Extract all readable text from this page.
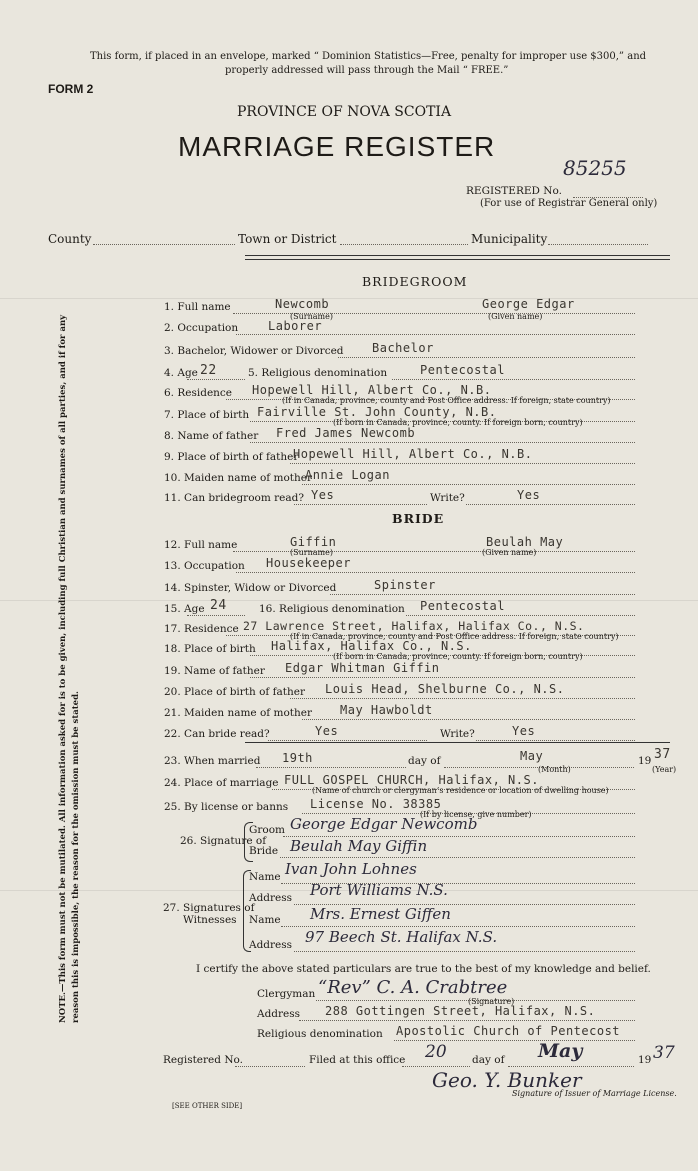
This form, if placed in an envelope, marked “ Dominion Statistics—Free, penalty for improper use $300,” and
properly addressed will pass through the Mail “ FREE.”
FORM 2
PROVINCE OF NOVA SCOTIA
MARRIAGE REGISTER
85255
REGISTERED No.
(For use of Registrar General only)
County	Town or District	Municipality
BRIDEGROOM
1. Full name	Newcomb	George Edgar
(Surname)	(Given name)
2. Occupation Laborer
3. Bachelor, Widower or Divorced Bachelor
4. Age 22	5. Religious denomination	Pentecostal
6. Residence Hopewell Hill, Albert Co., N.B.
(If in Canada, province, county and Post Office address. If foreign, state country)
7. Place of birth Fairville St. John County, N.B.
(If born in Canada, province, county. If foreign born, country)
8. Name of father Fred James Newcomb
9. Place of birth of father
Hopewell Hill, Albert Co., N.B.
10. Maiden name of mother
Annie Logan
11. Can bridegroom read? Yes	Write?	Yes
BRIDE
12. Full name	Giffin	Beulah May
(Surname)	(Given name)
13. Occupation Housekeeper
14. Spinster, Widow or Divorced	Spinster
15. Age 24	16. Religious denomination Pentecostal
17. Residence 27 Lawrence Street, Halifax, Halifax Co., N.S.
(If in Canada, province, county and Post Office address. If foreign, state country)
18. Place of birth Halifax, Halifax Co., N.S.
(If born in Canada, province, county. If foreign born, country)
19. Name of father Edgar Whitman Giffin
20. Place of birth of father Louis Head, Shelburne Co., N.S.
21. Maiden name of mother May Hawboldt
22. Can bride read?	Yes	Write?	Yes
23. When married 19th	day of	May
(Month)
19 37
(Year)
24. Place of marriage FULL GOSPEL CHURCH, Halifax, N.S.
(Name of church or clergyman’s residence or location of dwelling house)
25. By license or banns License No. 38385
(If by license, give number)
26. Signature of
Groom George Edgar Newcomb
Bride Beulah May Giffin
27. Signatures of
Witnesses
Name Ivan John Lohnes
Address Port Williams N.S.
Name Mrs. Ernest Giffen
Address 97 Beech St. Halifax N.S.
I certify the above stated particulars are true to the best of my knowledge and belief.
Clergyman “Rev” C. A. Crabtree
(Signature)
Address 288 Gottingen Street, Halifax, N.S.
Religious denomination Apostolic Church of Pentecost
Registered No.	Filed at this office 20 day of May	19 37
Geo. Y. Bunker
Signature of Issuer of Marriage License.
[SEE OTHER SIDE]
NOTE.—This form must not be mutilated. All information asked for is to be given, including full Christian and surnames of all parties, and if for any reason this is impossible, the reason for the omission must be stated.
